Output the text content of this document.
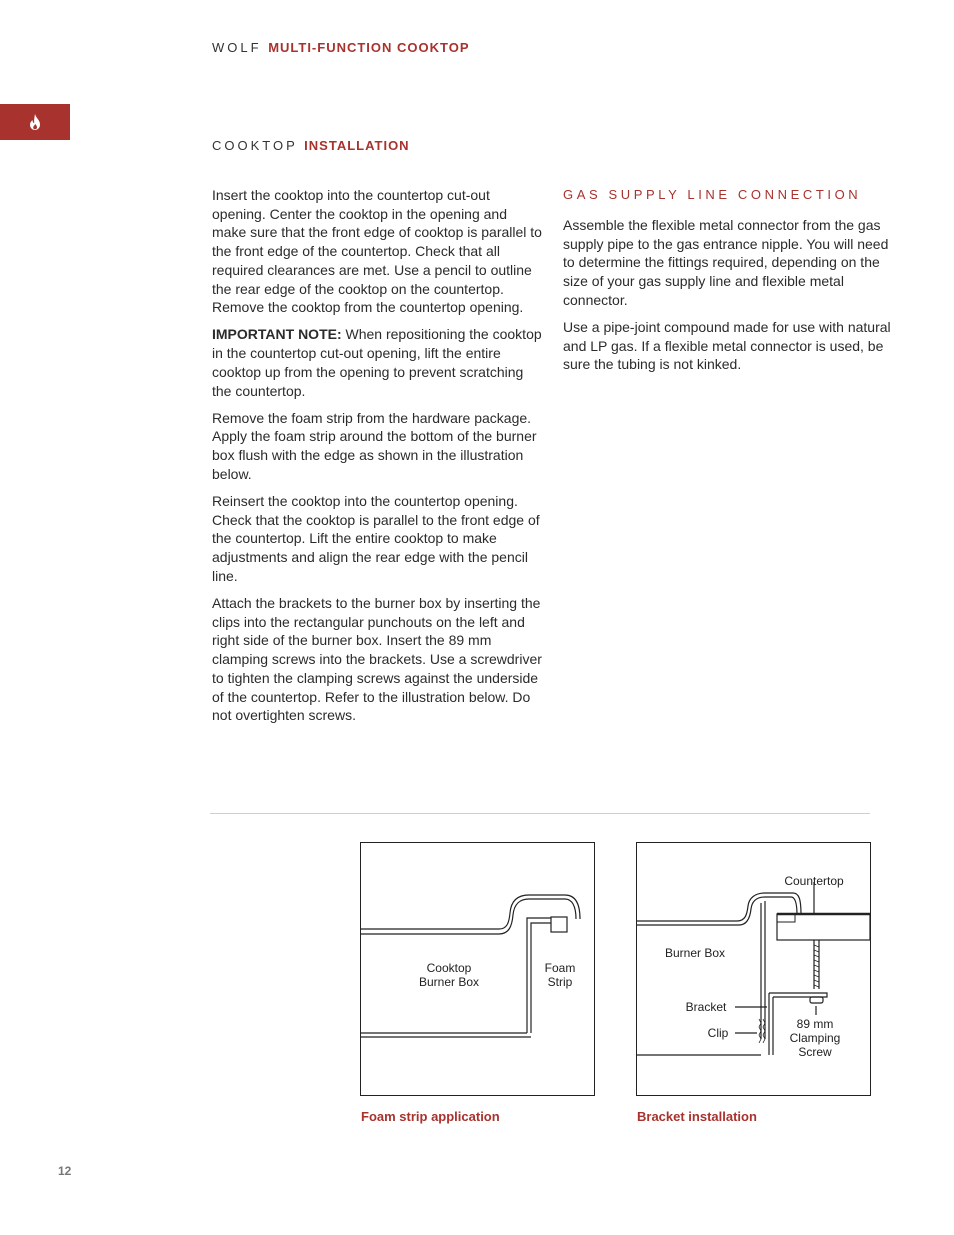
WOLF MULTI-FUNCTION COOKTOP
COOKTOP INSTALLATION

Insert the cooktop into the countertop cut-out opening. Center the cooktop in the opening and make sure that the front edge of cooktop is parallel to the front edge of the countertop. Check that all required clearances are met. Use a pencil to outline the rear edge of the cooktop on the countertop. Remove the cooktop from the countertop opening.

IMPORTANT NOTE: When repositioning the cooktop in the countertop cut-out opening, lift the entire cooktop up from the opening to prevent scratching the countertop.

Remove the foam strip from the hardware package. Apply the foam strip around the bottom of the burner box flush with the edge as shown in the illustration below.

Reinsert the cooktop into the countertop opening. Check that the cooktop is parallel to the front edge of the countertop. Lift the entire cooktop to make adjustments and align the rear edge with the pencil line.

Attach the brackets to the burner box by inserting the clips into the rectangular punchouts on the left and right side of the burner box. Insert the 89 mm clamping screws into the brackets. Use a screwdriver to tighten the clamping screws against the underside of the countertop. Refer to the illustration below. Do not overtighten screws.

GAS SUPPLY LINE CONNECTION

Assemble the flexible metal connector from the gas supply pipe to the gas entrance nipple. You will need to determine the fittings required, depending on the size of your gas supply line and flexible metal connector.

Use a pipe-joint compound made for use with natural and LP gas. If a flexible metal connector is used, be sure the tubing is not kinked.

Cooktop
Burner Box
Foam
Strip
Foam strip application
Countertop
Burner Box
Bracket
Clip
89 mm
Clamping
Screw
Bracket installation
12
